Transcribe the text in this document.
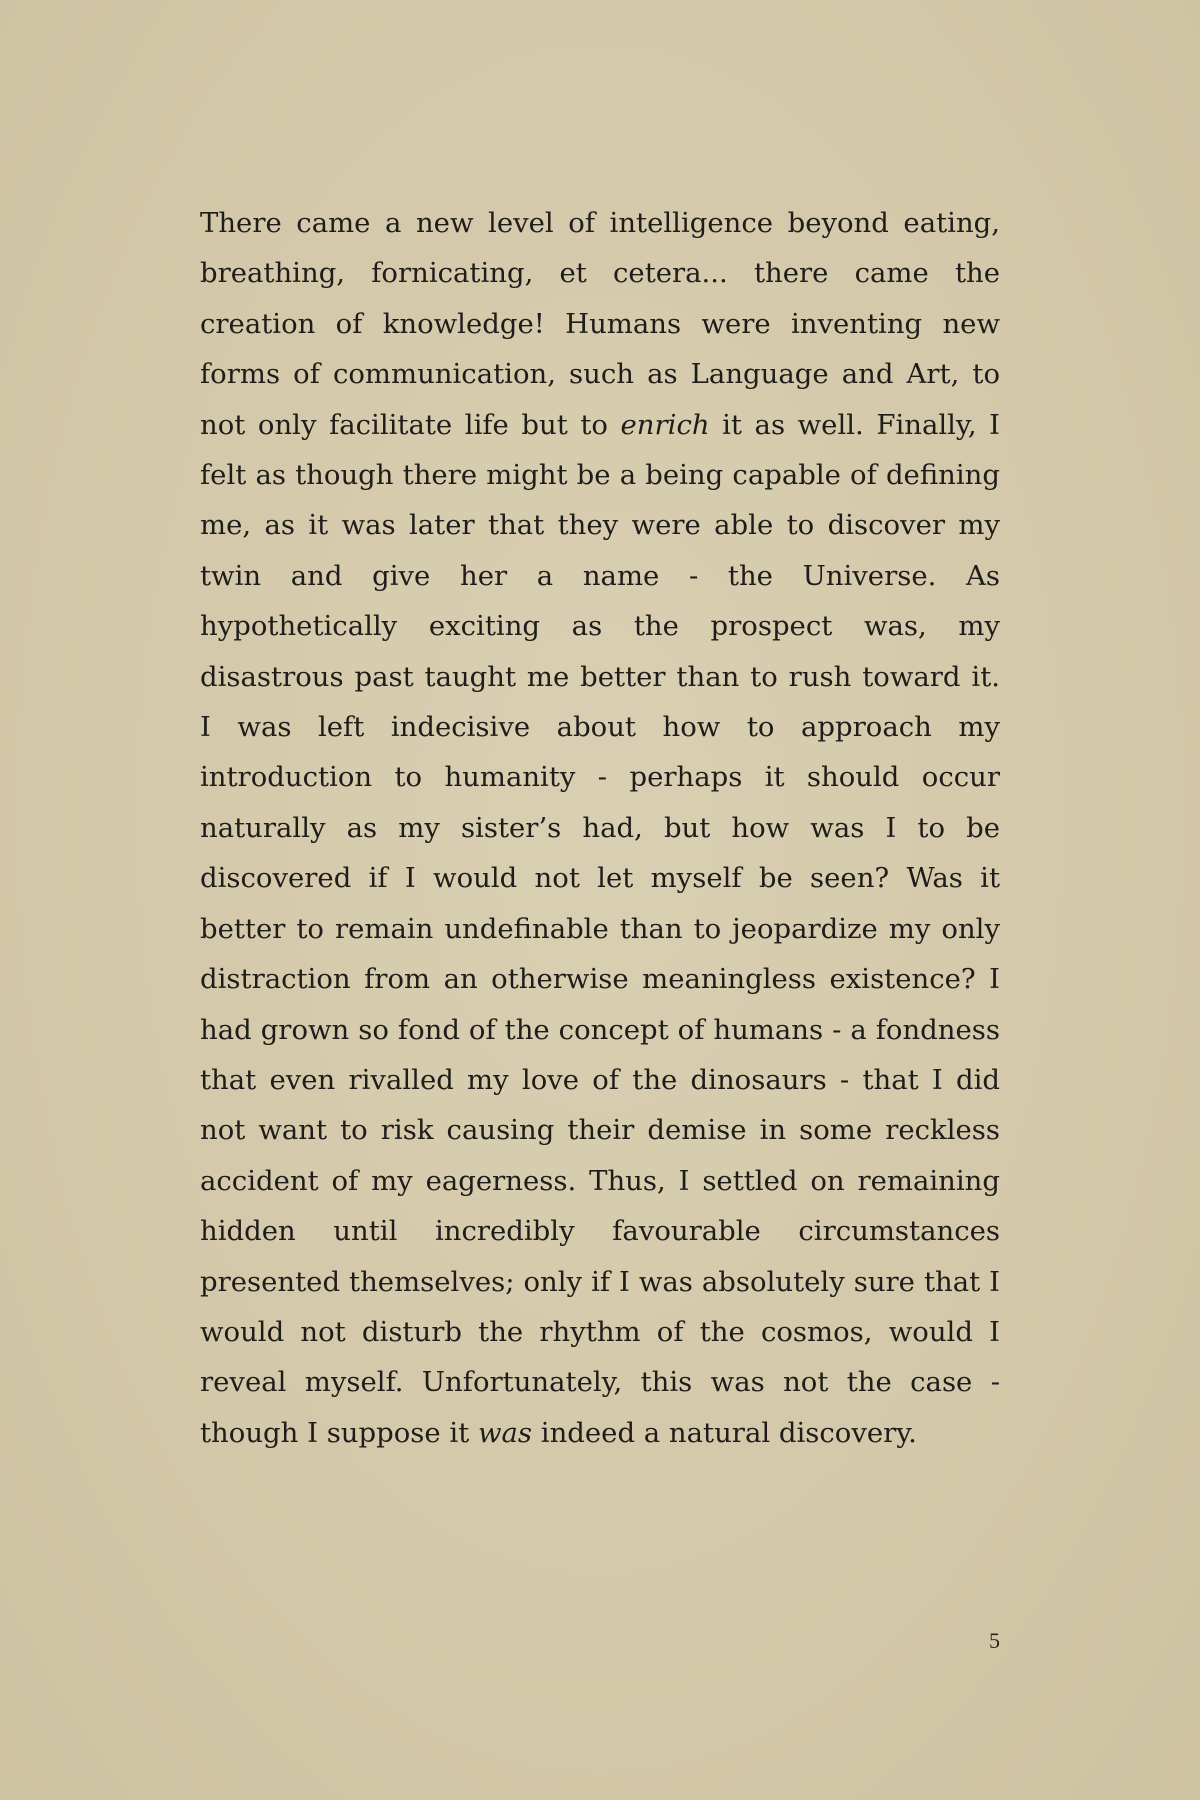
There came a new level of intelligence beyond eating, breathing, fornicating, et cetera... there came the creation of knowledge! Humans were inventing new forms of communication, such as Language and Art, to not only facilitate life but to enrich it as well. Finally, I felt as though there might be a being capable of defining me, as it was later that they were able to discover my twin and give her a name - the Universe. As hypothetically exciting as the prospect was, my disastrous past taught me better than to rush toward it. I was left indecisive about how to approach my introduction to humanity - perhaps it should occur naturally as my sister’s had, but how was I to be discovered if I would not let myself be seen? Was it better to remain undefinable than to jeopardize my only distraction from an otherwise meaningless existence? I had grown so fond of the concept of humans - a fondness that even rivalled my love of the dinosaurs - that I did not want to risk causing their demise in some reckless accident of my eagerness. Thus, I settled on remaining hidden until incredibly favourable circumstances presented themselves; only if I was absolutely sure that I would not disturb the rhythm of the cosmos, would I reveal myself. Unfortunately, this was not the case - though I suppose it was indeed a natural discovery.

5
